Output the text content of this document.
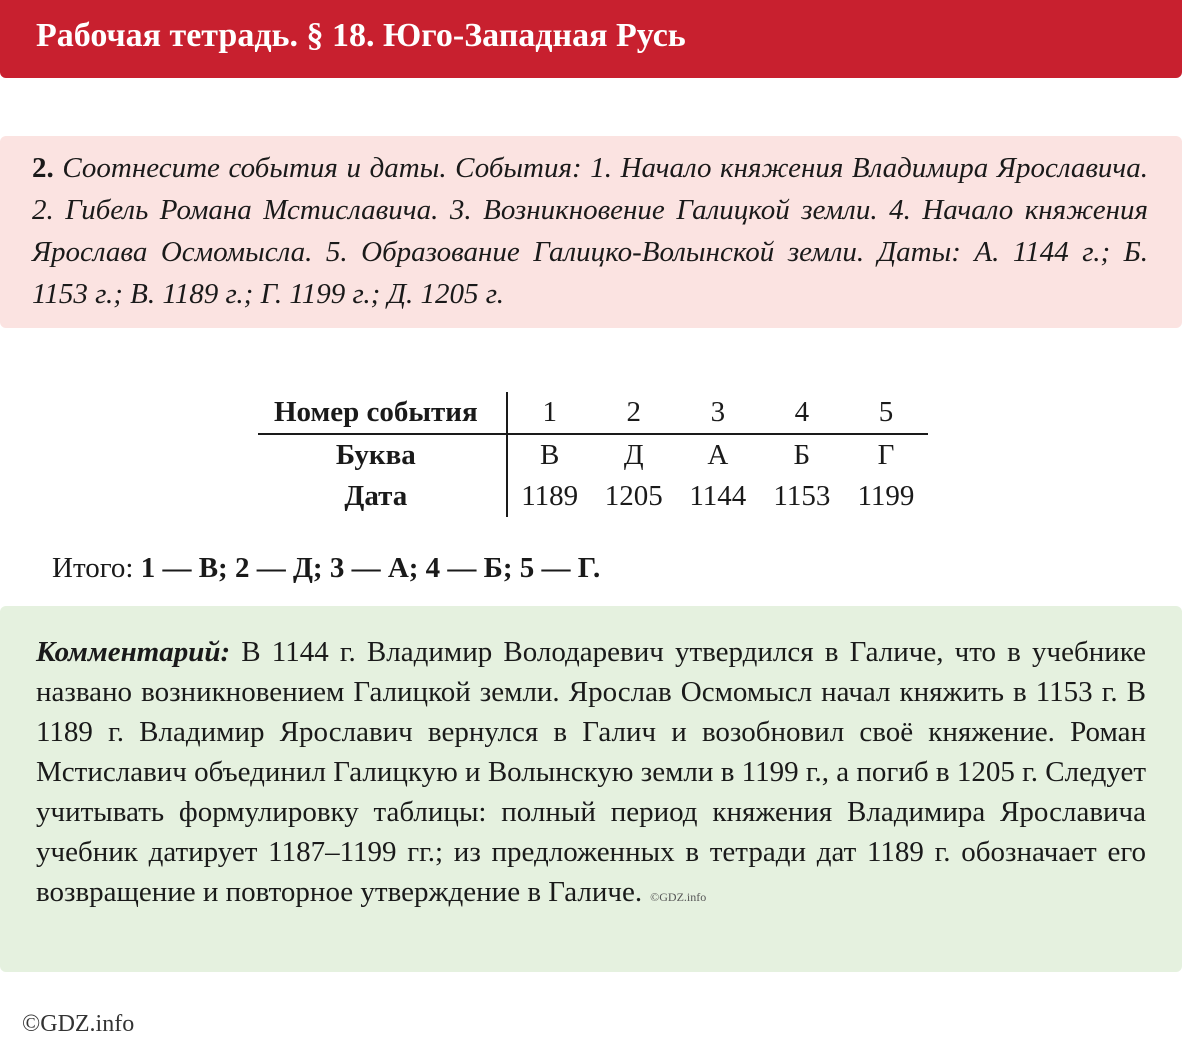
Рабочая тетрадь. § 18. Юго-Западная Русь
2. Соотнесите события и даты. События: 1. Начало княжения Владимира Ярославича. 2. Гибель Романа Мстиславича. 3. Возникновение Галицкой земли. 4. Начало княжения Ярослава Осмомысла. 5. Образование Галицко-Волынской земли. Даты: А. 1144 г.; Б. 1153 г.; В. 1189 г.; Г. 1199 г.; Д. 1205 г.
Номер события	1	2	3	4	5
Буква	В	Д	А	Б	Г
Дата	1189	1205	1144	1153	1199
Итого: 1 — В; 2 — Д; 3 — А; 4 — Б; 5 — Г.
Комментарий: В 1144 г. Владимир Володаревич утвердился в Галиче, что в учебнике названо возникновением Галицкой земли. Ярослав Осмомысл начал княжить в 1153 г. В 1189 г. Владимир Ярославич вернулся в Галич и возобновил своё княжение. Роман Мстиславич объединил Галицкую и Волынскую земли в 1199 г., а погиб в 1205 г. Следует учитывать формулировку таблицы: полный период княжения Владимира Ярославича учебник датирует 1187–1199 гг.; из предложенных в тетради дат 1189 г. обозначает его возвращение и повторное утверждение в Галиче. ©GDZ.info
©GDZ.info
